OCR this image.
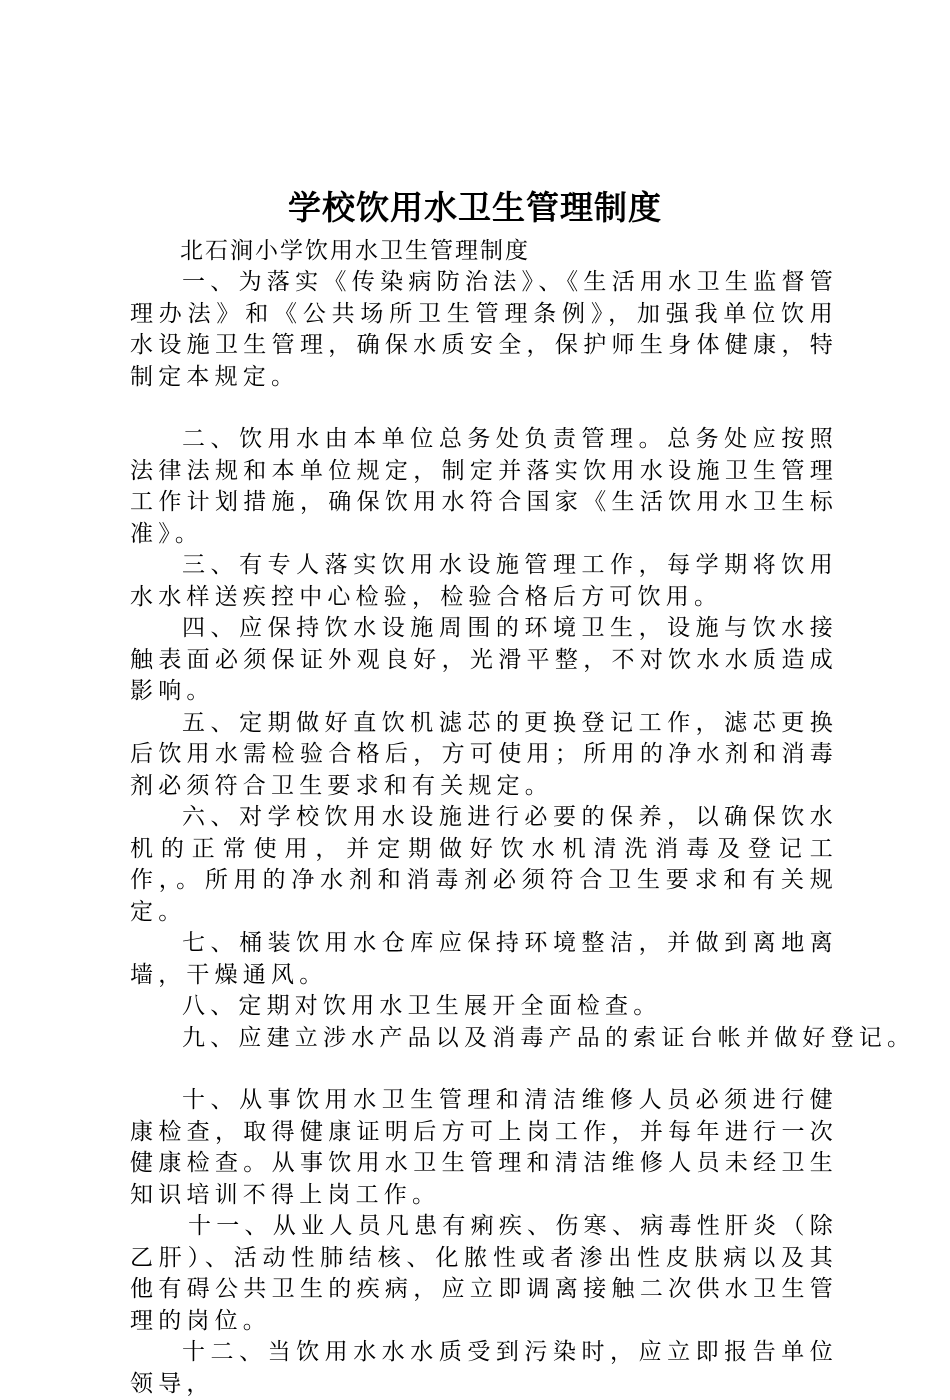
学校饮用水卫生管理制度

北石涧小学饮用水卫生管理制度

一、为落实《传染病防治法》、《生活用水卫生监督管理办法》和《公共场所卫生管理条例》，加强我单位饮用水设施卫生管理，确保水质安全，保护师生身体健康，特制定本规定。

二、饮用水由本单位总务处负责管理。总务处应按照法律法规和本单位规定，制定并落实饮用水设施卫生管理工作计划措施，确保饮用水符合国家《生活饮用水卫生标准》。

三、有专人落实饮用水设施管理工作，每学期将饮用水水样送疾控中心检验，检验合格后方可饮用。

四、应保持饮水设施周围的环境卫生，设施与饮水接触表面必须保证外观良好，光滑平整，不对饮水水质造成影响。

五、定期做好直饮机滤芯的更换登记工作，滤芯更换后饮用水需检验合格后，方可使用；所用的净水剂和消毒剂必须符合卫生要求和有关规定。

六、对学校饮用水设施进行必要的保养，以确保饮水机的正常使用，并定期做好饮水机清洗消毒及登记工作，。所用的净水剂和消毒剂必须符合卫生要求和有关规定。

七、桶装饮用水仓库应保持环境整洁，并做到离地离墙，干燥通风。

八、定期对饮用水卫生展开全面检查。

九、应建立涉水产品以及消毒产品的索证台帐并做好登记。

十、从事饮用水卫生管理和清洁维修人员必须进行健康检查，取得健康证明后方可上岗工作，并每年进行一次健康检查。从事饮用水卫生管理和清洁维修人员未经卫生知识培训不得上岗工作。

十一、从业人员凡患有痢疾、伤寒、病毒性肝炎（除乙肝）、活动性肺结核、化脓性或者渗出性皮肤病以及其他有碍公共卫生的疾病，应立即调离接触二次供水卫生管理的岗位。

十二、当饮用水水水质受到污染时，应立即报告单位领导，
